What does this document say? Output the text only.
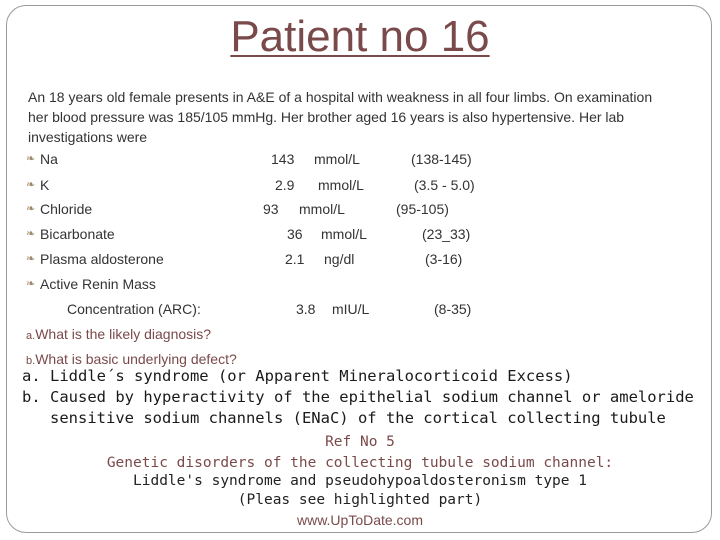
Patient no 16
An 18 years old female presents in A&E of a hospital with weakness in all four limbs. On examination her blood pressure was 185/105 mmHg. Her brother aged 16 years is also hypertensive. Her lab investigations were
❧ Na	143 mmol/L	(138-145)
❧ K	2.9 mmol/L	(3.5 - 5.0)
❧ Chloride	93 mmol/L	(95-105)
❧ Bicarbonate	36 mmol/L	(23_33)
❧ Plasma aldosterone	2.1 ng/dl	(3-16)
❧ Active Renin Mass
Concentration (ARC):	3.8 mIU/L	(8-35)
a.What is the likely diagnosis?
b.What is basic underlying defect?
a. Liddle´s syndrome (or Apparent Mineralocorticoid Excess)
b. Caused by hyperactivity of the epithelial sodium channel or ameloride
sensitive sodium channels (ENaC) of the cortical collecting tubule
Ref No 5
Genetic disorders of the collecting tubule sodium channel:
Liddle's syndrome and pseudohypoaldosteronism type 1
(Pleas see highlighted part)
www.UpToDate.com
